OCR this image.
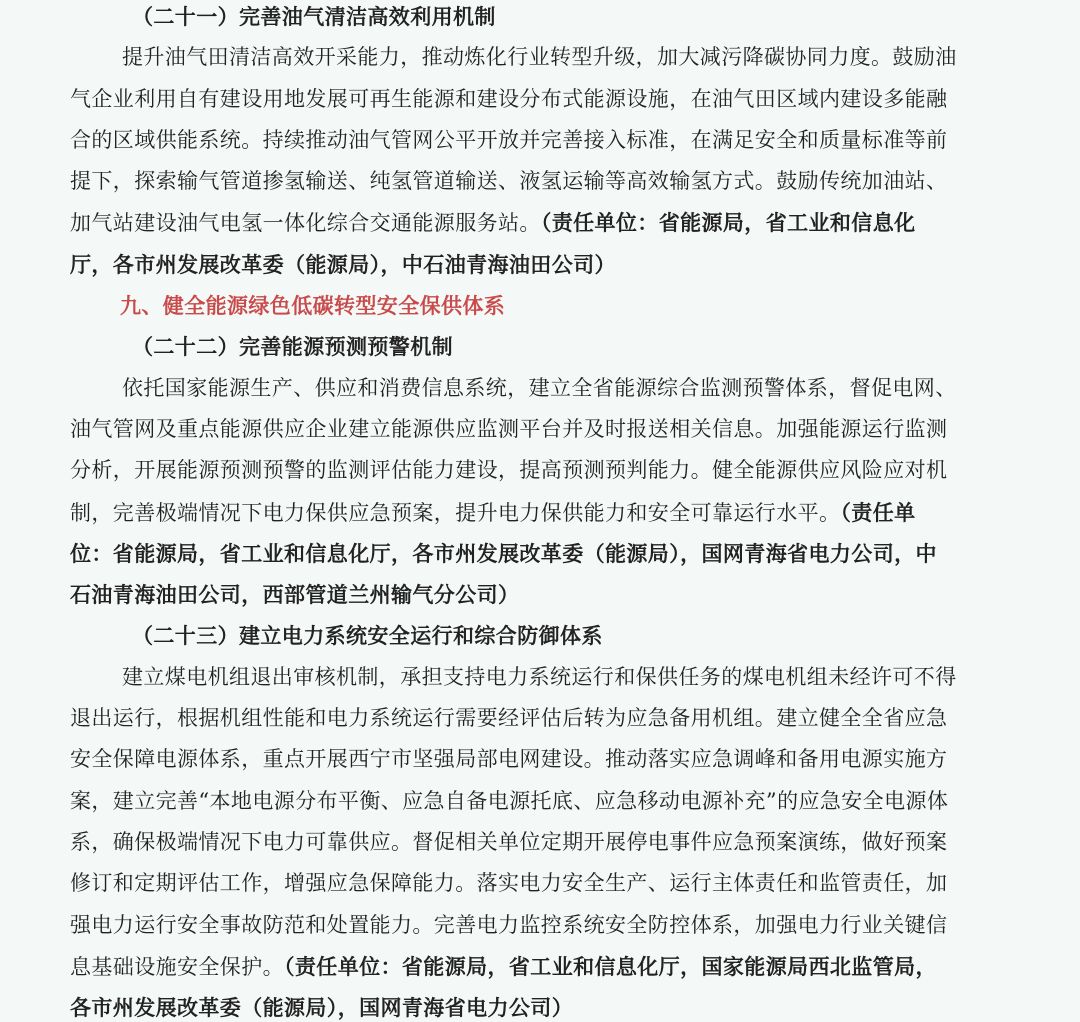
（二十一）完善油气清洁高效利用机制
提升油气田清洁高效开采能力，推动炼化行业转型升级，加大减污降碳协同力度。鼓励油
气企业利用自有建设用地发展可再生能源和建设分布式能源设施，在油气田区域内建设多能融
合的区域供能系统。持续推动油气管网公平开放并完善接入标准，在满足安全和质量标准等前
提下，探索输气管道掺氢输送、纯氢管道输送、液氢运输等高效输氢方式。鼓励传统加油站、
加气站建设油气电氢一体化综合交通能源服务站。（责任单位：省能源局，省工业和信息化
厅，各市州发展改革委（能源局），中石油青海油田公司）
九、健全能源绿色低碳转型安全保供体系
（二十二）完善能源预测预警机制
依托国家能源生产、供应和消费信息系统，建立全省能源综合监测预警体系，督促电网、
油气管网及重点能源供应企业建立能源供应监测平台并及时报送相关信息。加强能源运行监测
分析，开展能源预测预警的监测评估能力建设，提高预测预判能力。健全能源供应风险应对机
制，完善极端情况下电力保供应急预案，提升电力保供能力和安全可靠运行水平。（责任单
位：省能源局，省工业和信息化厅，各市州发展改革委（能源局），国网青海省电力公司，中
石油青海油田公司，西部管道兰州输气分公司）
（二十三）建立电力系统安全运行和综合防御体系
建立煤电机组退出审核机制，承担支持电力系统运行和保供任务的煤电机组未经许可不得
退出运行，根据机组性能和电力系统运行需要经评估后转为应急备用机组。建立健全全省应急
安全保障电源体系，重点开展西宁市坚强局部电网建设。推动落实应急调峰和备用电源实施方
案，建立完善“本地电源分布平衡、应急自备电源托底、应急移动电源补充”的应急安全电源体
系，确保极端情况下电力可靠供应。督促相关单位定期开展停电事件应急预案演练，做好预案
修订和定期评估工作，增强应急保障能力。落实电力安全生产、运行主体责任和监管责任，加
强电力运行安全事故防范和处置能力。完善电力监控系统安全防控体系，加强电力行业关键信
息基础设施安全保护。（责任单位：省能源局，省工业和信息化厅，国家能源局西北监管局，
各市州发展改革委（能源局），国网青海省电力公司）
